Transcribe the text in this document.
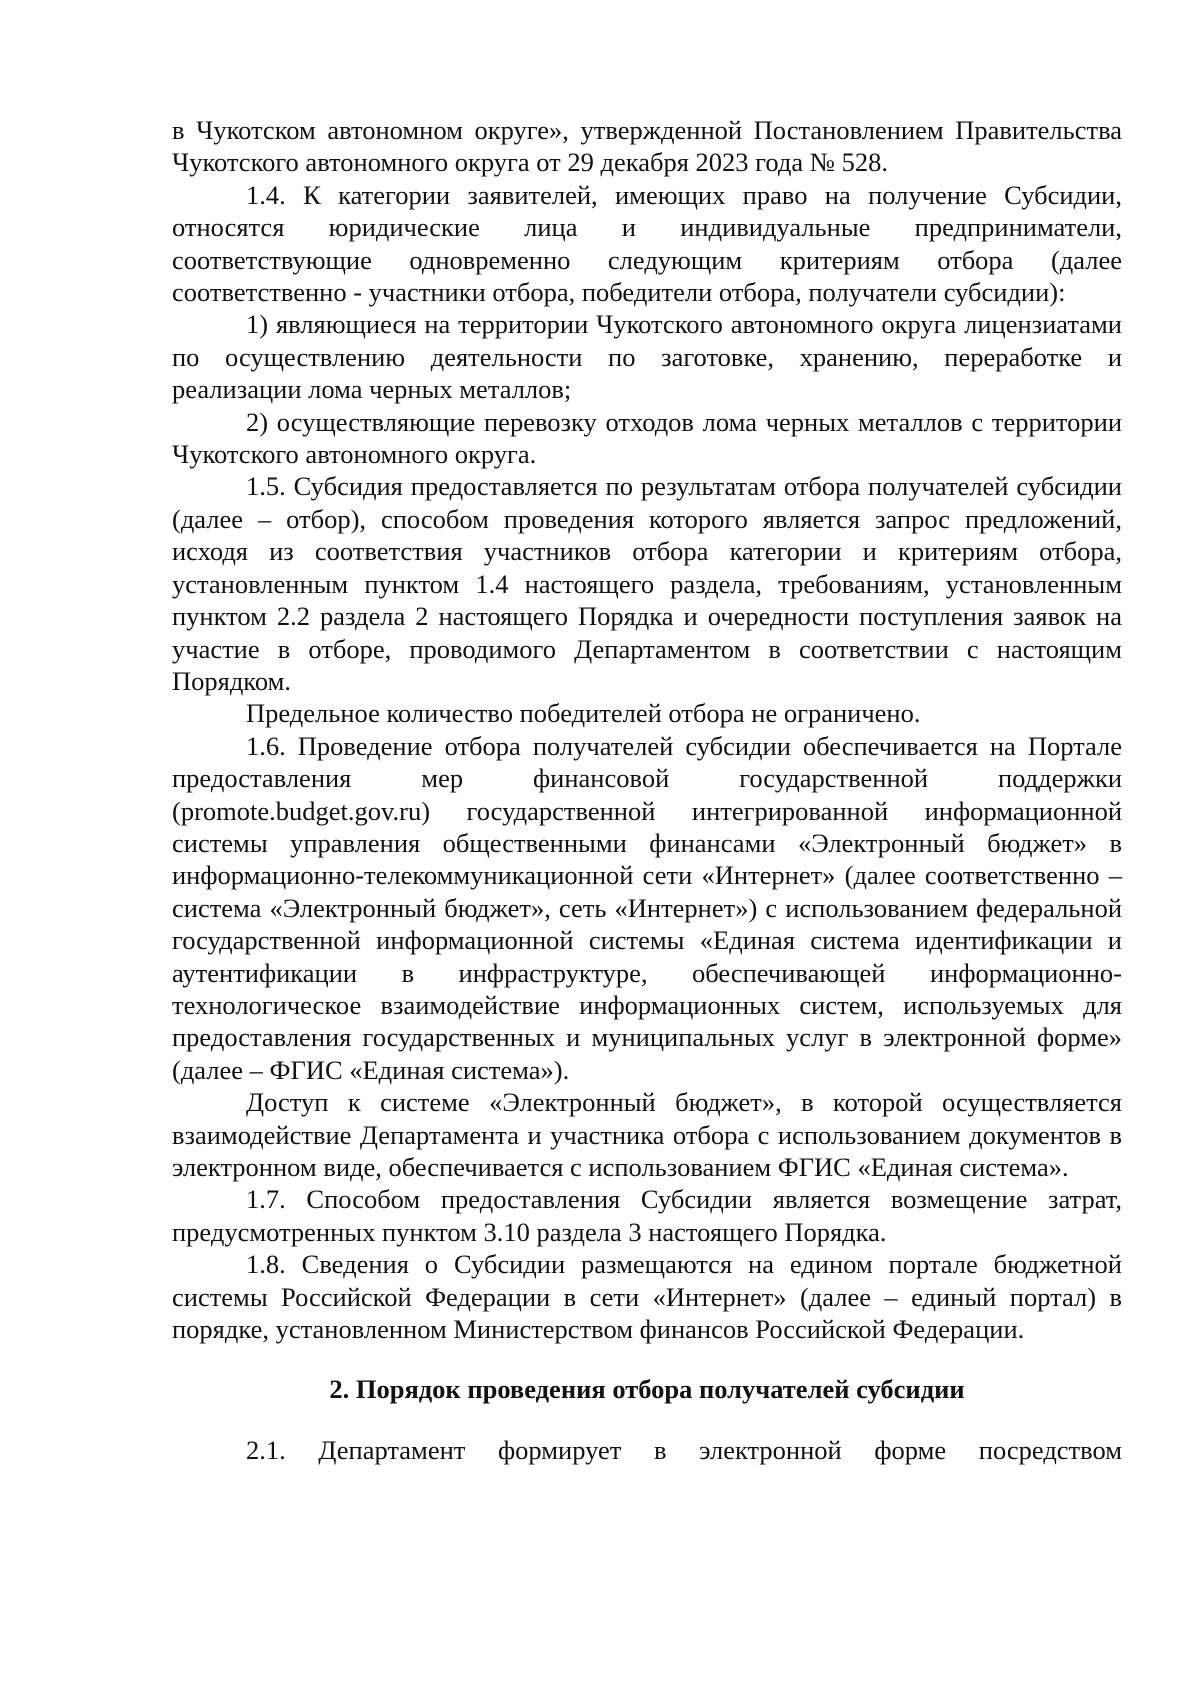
в Чукотском автономном округе», утвержденной Постановлением Правительства Чукотского автономного округа от 29 декабря 2023 года № 528.

1.4. К категории заявителей, имеющих право на получение Субсидии, относятся юридические лица и индивидуальные предприниматели, соответствующие одновременно следующим критериям отбора (далее соответственно - участники отбора, победители отбора, получатели субсидии):

1) являющиеся на территории Чукотского автономного округа лицензиатами по осуществлению деятельности по заготовке, хранению, переработке и реализации лома черных металлов;

2) осуществляющие перевозку отходов лома черных металлов с территории Чукотского автономного округа.

1.5. Субсидия предоставляется по результатам отбора получателей субсидии (далее – отбор), способом проведения которого является запрос предложений, исходя из соответствия участников отбора категории и критериям отбора, установленным пунктом 1.4 настоящего раздела, требованиям, установленным пунктом 2.2 раздела 2 настоящего Порядка и очередности поступления заявок на участие в отборе, проводимого Департаментом в соответствии с настоящим Порядком.

Предельное количество победителей отбора не ограничено.

1.6. Проведение отбора получателей субсидии обеспечивается на Портале предоставления мер финансовой государственной поддержки (promote.budget.gov.ru) государственной интегрированной информационной системы управления общественными финансами «Электронный бюджет» в информационно-телекоммуникационной сети «Интернет» (далее соответственно – система «Электронный бюджет», сеть «Интернет») с использованием федеральной государственной информационной системы «Единая система идентификации и аутентификации в инфраструктуре, обеспечивающей информационно-технологическое взаимодействие информационных систем, используемых для предоставления государственных и муниципальных услуг в электронной форме» (далее – ФГИС «Единая система»).

Доступ к системе «Электронный бюджет», в которой осуществляется взаимодействие Департамента и участника отбора с использованием документов в электронном виде, обеспечивается с использованием ФГИС «Единая система».

1.7. Способом предоставления Субсидии является возмещение затрат, предусмотренных пунктом 3.10 раздела 3 настоящего Порядка.

1.8. Сведения о Субсидии размещаются на едином портале бюджетной системы Российской Федерации в сети «Интернет» (далее – единый портал) в порядке, установленном Министерством финансов Российской Федерации.

2. Порядок проведения отбора получателей субсидии

2.1. Департамент формирует в электронной форме посредством
